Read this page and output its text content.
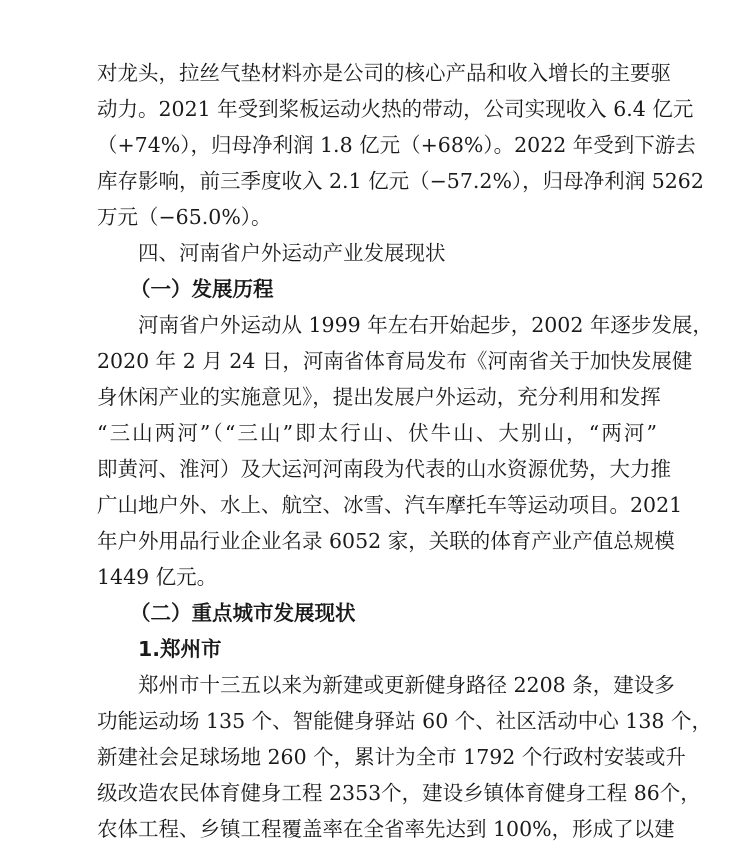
对龙头，拉丝气垫材料亦是公司的核心产品和收入增长的主要驱
动力。2021 年受到桨板运动火热的带动，公司实现收入 6.4 亿元
（+74%），归母净利润 1.8 亿元（+68%）。2022 年受到下游去
库存影响，前三季度收入 2.1 亿元（−57.2%），归母净利润 5262
万元（−65.0%）。
四、河南省户外运动产业发展现状
（一）发展历程
河南省户外运动从 1999 年左右开始起步，2002 年逐步发展，
2020 年 2 月 24 日，河南省体育局发布《河南省关于加快发展健
身休闲产业的实施意见》，提出发展户外运动，充分利用和发挥
“三山两河”（“三山”即太行山、伏牛山、大别山，“两河”
即黄河、淮河）及大运河河南段为代表的山水资源优势，大力推
广山地户外、水上、航空、冰雪、汽车摩托车等运动项目。2021
年户外用品行业企业名录 6052 家，关联的体育产业产值总规模
1449 亿元。
（二）重点城市发展现状
1.郑州市
郑州市十三五以来为新建或更新健身路径 2208 条，建设多
功能运动场 135 个、智能健身驿站 60 个、社区活动中心 138 个，
新建社会足球场地 260 个，累计为全市 1792 个行政村安装或升
级改造农民体育健身工程 2353个，建设乡镇体育健身工程 86个，
农体工程、乡镇工程覆盖率在全省率先达到 100%，形成了以建
